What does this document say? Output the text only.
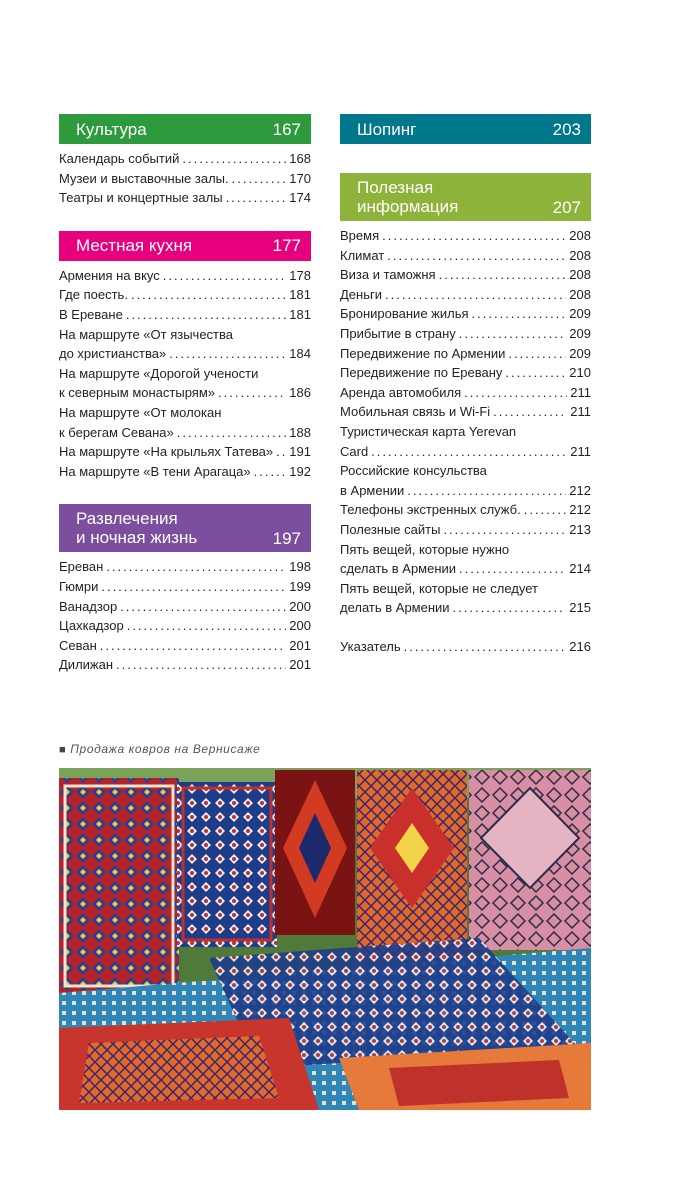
Культура	167
Календарь событий .....	168
Музеи и выставочные залы. .....	170
Театры и концертные залы .....	174
Местная кухня	177
Армения на вкус .....	178
Где поесть. .....	181
В Ереване .....	181
На маршруте «От язычества
до христианства» .....	184
На маршруте «Дорогой учености
к северным монастырям» .....	186
На маршруте «От молокан
к берегам Севана» .....	188
На маршруте «На крыльях Татева» ..... 191
На маршруте «В тени Арагаца» .....	192
Развлечения
и ночная жизнь	197
Ереван .....	198
Гюмри .....	199
Ванадзор .....	200
Цахкадзор .....	200
Севан .....	201
Дилижан .....	201
Шопинг	203
Полезная
информация	207
Время .....	208
Климат .....	208
Виза и таможня .....	208
Деньги .....	208
Бронирование жилья .....	209
Прибытие в страну .....	209
Передвижение по Армении .....	209
Передвижение по Еревану .....	210
Аренда автомобиля .....	211
Мобильная связь и Wi-Fi .....	211
Туристическая карта Yerevan
Card .....	211
Российские консульства
в Армении .....	212
Телефоны экстренных служб. .....	212
Полезные сайты .....	213
Пять вещей, которые нужно
сделать в Армении .....	214
Пять вещей, которые не следует
делать в Армении .....	215
Указатель .....	216
■ Продажа ковров на Вернисаже
